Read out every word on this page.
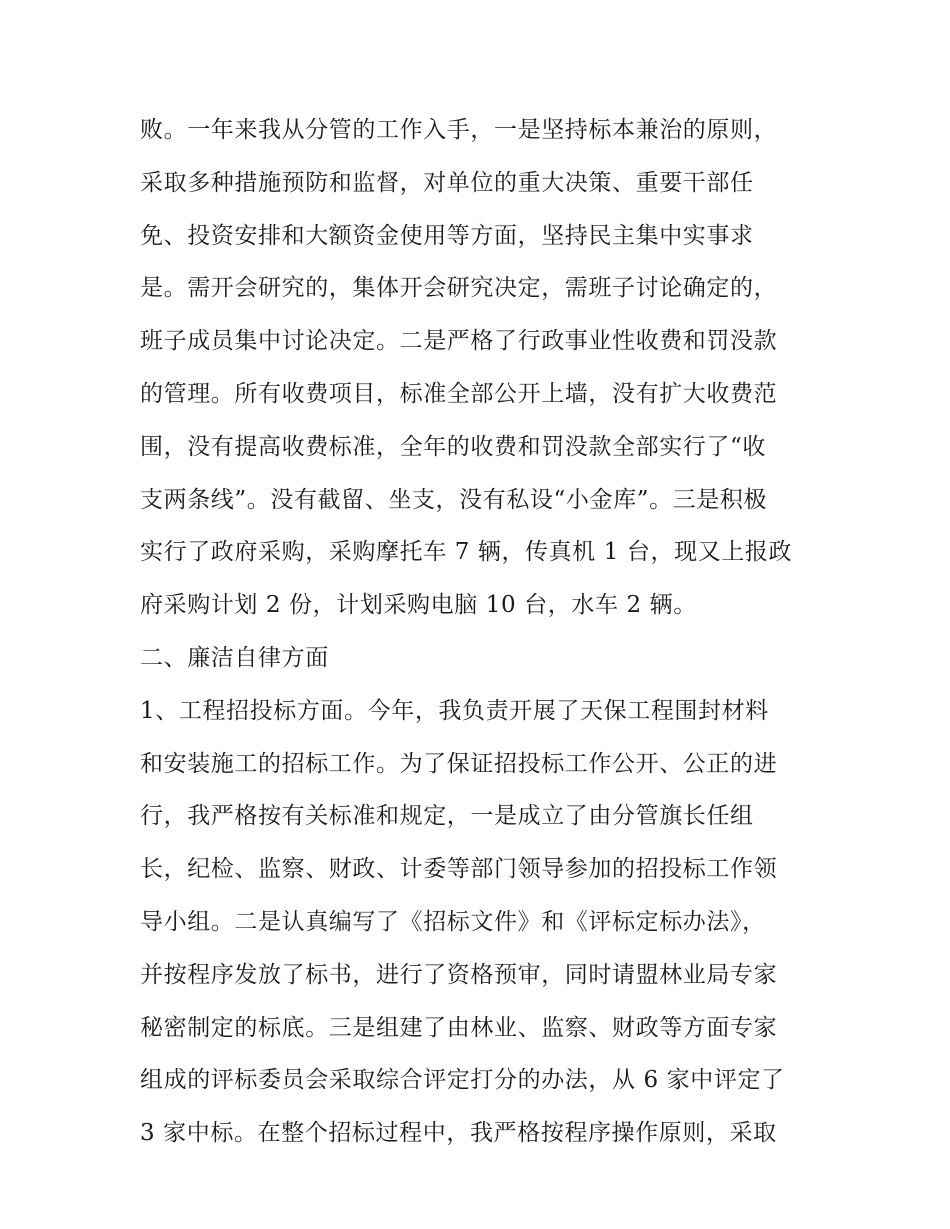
败。一年来我从分管的工作入手，一是坚持标本兼治的原则，
采取多种措施预防和监督，对单位的重大决策、重要干部任
免、投资安排和大额资金使用等方面，坚持民主集中实事求
是。需开会研究的，集体开会研究决定，需班子讨论确定的，
班子成员集中讨论决定。二是严格了行政事业性收费和罚没款
的管理。所有收费项目，标准全部公开上墙，没有扩大收费范
围，没有提高收费标准，全年的收费和罚没款全部实行了“收
支两条线”。没有截留、坐支，没有私设“小金库”。三是积极
实行了政府采购，采购摩托车 7 辆，传真机 1 台，现又上报政
府采购计划 2 份，计划采购电脑 10 台，水车 2 辆。
二、廉洁自律方面
1、工程招投标方面。今年，我负责开展了天保工程围封材料
和安装施工的招标工作。为了保证招投标工作公开、公正的进
行，我严格按有关标准和规定，一是成立了由分管旗长任组
长，纪检、监察、财政、计委等部门领导参加的招投标工作领
导小组。二是认真编写了《招标文件》和《评标定标办法》，
并按程序发放了标书，进行了资格预审，同时请盟林业局专家
秘密制定的标底。三是组建了由林业、监察、财政等方面专家
组成的评标委员会采取综合评定打分的办法，从 6 家中评定了
3 家中标。在整个招标过程中，我严格按程序操作原则，采取
